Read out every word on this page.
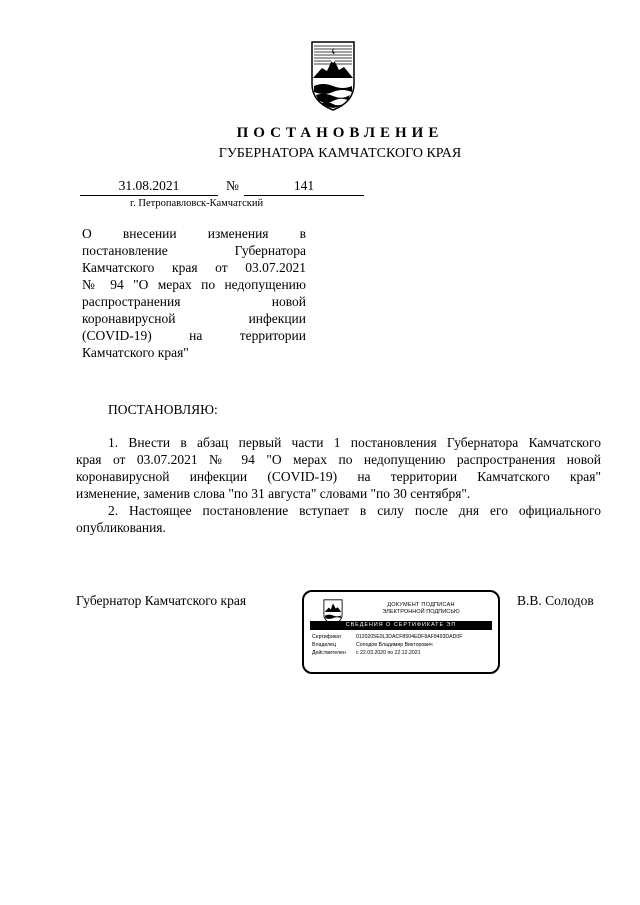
ПОСТАНОВЛЕНИЕ
ГУБЕРНАТОРА КАМЧАТСКОГО КРАЯ
31.08.2021	№	141
г. Петропавловск-Камчатский
О внесении изменения в
постановление Губернатора
Камчатского края от 03.07.2021
№ 94 "О мерах по недопущению
распространения новой
коронавирусной инфекции
(COVID-19) на территории
Камчатского края"
ПОСТАНОВЛЯЮ:
1. Внести в абзац первый части 1 постановления Губернатора Камчатского
края от 03.07.2021 № 94 "О мерах по недопущению распространения новой
коронавирусной инфекции (COVID-19) на территории Камчатского края"
изменение, заменив слова "по 31 августа" словами "по 30 сентября".
2. Настоящее постановление вступает в силу после дня его официального
опубликования.
Губернатор Камчатского края	В.В. Солодов
ДОКУМЕНТ ПОДПИСАН
ЭЛЕКТРОННОЙ ПОДПИСЬЮ
СВЕДЕНИЯ О СЕРТИФИКАТЕ ЭП
Сертификат	0120205E0L3DACF8504EDF8AF8493DAD0F
Владелец	Солодов Владимир Викторович
Действителен с 22.03.2020 по 22.12.2021
